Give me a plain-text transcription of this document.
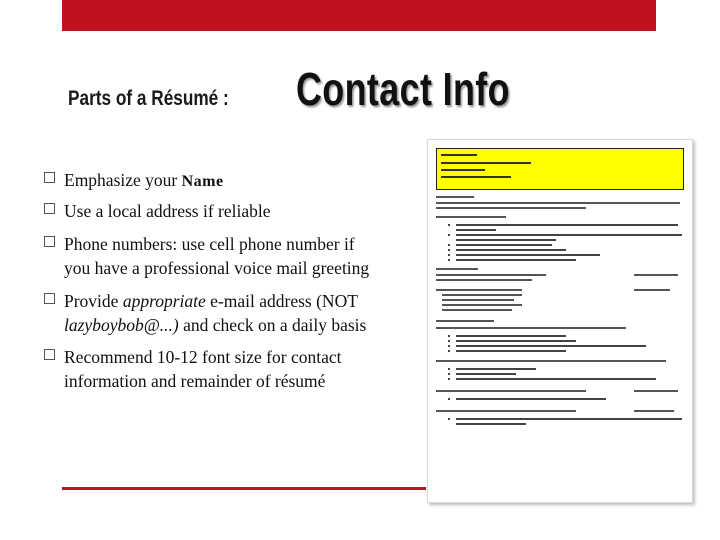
Parts of a Résumé : Contact Info
Emphasize your Name
Use a local address if reliable
Phone numbers: use cell phone number if
you have a professional voice mail greeting
Provide appropriate e-mail address (NOT
lazyboybob@...) and check on a daily basis
Recommend 10-12 font size for contact
information and remainder of résumé
